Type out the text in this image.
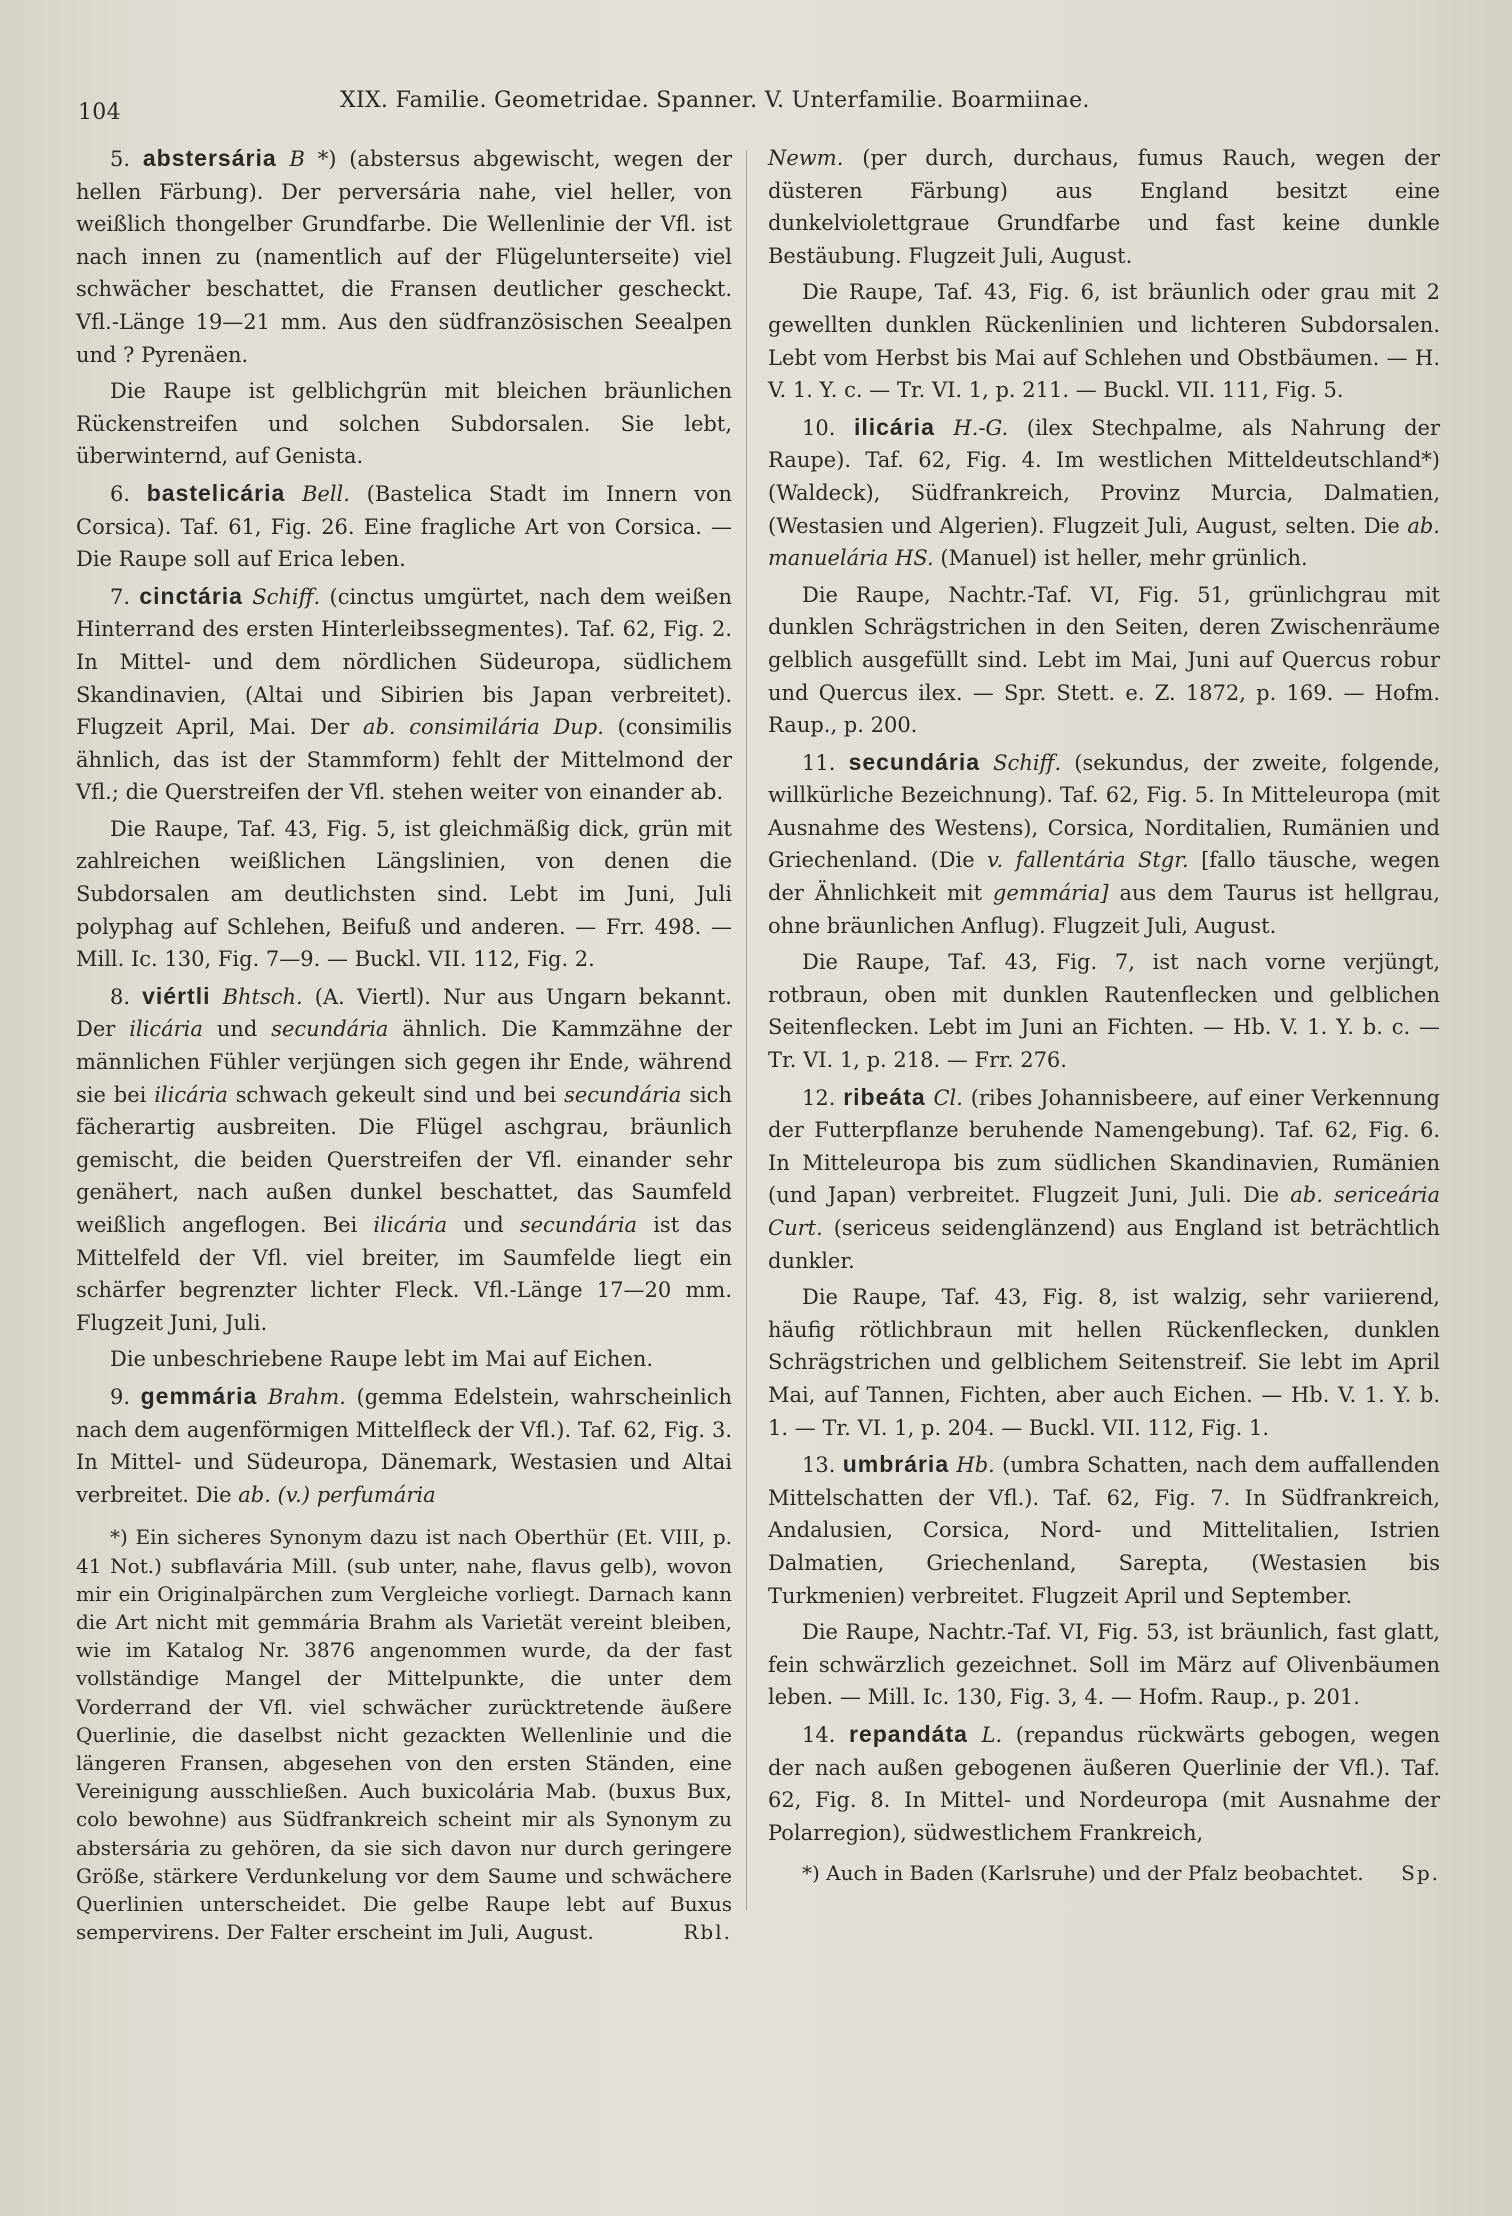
104	XIX. Familie. Geometridae. Spanner. V. Unterfamilie. Boarmiinae.

5. abstersária B *) (abstersus abgewischt, wegen der hellen Färbung). Der perversária nahe, viel heller, von weißlich thongelber Grundfarbe. Die Wellenlinie der Vfl. ist nach innen zu (namentlich auf der Flügelunterseite) viel schwächer beschattet, die Fransen deutlicher gescheckt. Vfl.-Länge 19—21 mm. Aus den südfranzösischen Seealpen und ? Pyrenäen.

Die Raupe ist gelblichgrün mit bleichen bräunlichen Rückenstreifen und solchen Subdorsalen. Sie lebt, überwinternd, auf Genista.

6. bastelicária Bell. (Bastelica Stadt im Innern von Corsica). Taf. 61, Fig. 26. Eine fragliche Art von Corsica. — Die Raupe soll auf Erica leben.

7. cinctária Schiff. (cinctus umgürtet, nach dem weißen Hinterrand des ersten Hinterleibssegmentes). Taf. 62, Fig. 2. In Mittel- und dem nördlichen Südeuropa, südlichem Skandinavien, (Altai und Sibirien bis Japan verbreitet). Flugzeit April, Mai. Der ab. consimilária Dup. (consimilis ähnlich, das ist der Stammform) fehlt der Mittelmond der Vfl.; die Querstreifen der Vfl. stehen weiter von einander ab.

Die Raupe, Taf. 43, Fig. 5, ist gleichmäßig dick, grün mit zahlreichen weißlichen Längslinien, von denen die Subdorsalen am deutlichsten sind. Lebt im Juni, Juli polyphag auf Schlehen, Beifuß und anderen. — Frr. 498. — Mill. Ic. 130, Fig. 7—9. — Buckl. VII. 112, Fig. 2.

8. viértli Bhtsch. (A. Viertl). Nur aus Ungarn bekannt. Der ilicária und secundária ähnlich. Die Kammzähne der männlichen Fühler verjüngen sich gegen ihr Ende, während sie bei ilicária schwach gekeult sind und bei secundária sich fächerartig ausbreiten. Die Flügel aschgrau, bräunlich gemischt, die beiden Querstreifen der Vfl. einander sehr genähert, nach außen dunkel beschattet, das Saumfeld weißlich angeflogen. Bei ilicária und secundária ist das Mittelfeld der Vfl. viel breiter, im Saumfelde liegt ein schärfer begrenzter lichter Fleck. Vfl.-Länge 17—20 mm. Flugzeit Juni, Juli.

Die unbeschriebene Raupe lebt im Mai auf Eichen.

9. gemmária Brahm. (gemma Edelstein, wahrscheinlich nach dem augenförmigen Mittelfleck der Vfl.). Taf. 62, Fig. 3. In Mittel- und Südeuropa, Dänemark, Westasien und Altai verbreitet. Die ab. (v.) perfumária

*) Ein sicheres Synonym dazu ist nach Oberthür (Et. VIII, p. 41 Not.) subflavária Mill. (sub unter, nahe, flavus gelb), wovon mir ein Originalpärchen zum Vergleiche vorliegt. Darnach kann die Art nicht mit gemmária Brahm als Varietät vereint bleiben, wie im Katalog Nr. 3876 angenommen wurde, da der fast vollständige Mangel der Mittelpunkte, die unter dem Vorderrand der Vfl. viel schwächer zurücktretende äußere Querlinie, die daselbst nicht gezackten Wellenlinie und die längeren Fransen, abgesehen von den ersten Ständen, eine Vereinigung ausschließen. Auch buxicolária Mab. (buxus Bux, colo bewohne) aus Südfrankreich scheint mir als Synonym zu abstersária zu gehören, da sie sich davon nur durch geringere Größe, stärkere Verdunkelung vor dem Saume und schwächere Querlinien unterscheidet. Die gelbe Raupe lebt auf Buxus sempervirens. Der Falter erscheint im Juli, August.	Rbl.

Newm. (per durch, durchaus, fumus Rauch, wegen der düsteren Färbung) aus England besitzt eine dunkelviolettgraue Grundfarbe und fast keine dunkle Bestäubung. Flugzeit Juli, August.

Die Raupe, Taf. 43, Fig. 6, ist bräunlich oder grau mit 2 gewellten dunklen Rückenlinien und lichteren Subdorsalen. Lebt vom Herbst bis Mai auf Schlehen und Obstbäumen. — H. V. 1. Y. c. — Tr. VI. 1, p. 211. — Buckl. VII. 111, Fig. 5.

10. ilicária H.-G. (ilex Stechpalme, als Nahrung der Raupe). Taf. 62, Fig. 4. Im westlichen Mitteldeutschland*) (Waldeck), Südfrankreich, Provinz Murcia, Dalmatien, (Westasien und Algerien). Flugzeit Juli, August, selten. Die ab. manuelária HS. (Manuel) ist heller, mehr grünlich.

Die Raupe, Nachtr.-Taf. VI, Fig. 51, grünlichgrau mit dunklen Schrägstrichen in den Seiten, deren Zwischenräume gelblich ausgefüllt sind. Lebt im Mai, Juni auf Quercus robur und Quercus ilex. — Spr. Stett. e. Z. 1872, p. 169. — Hofm. Raup., p. 200.

11. secundária Schiff. (sekundus, der zweite, folgende, willkürliche Bezeichnung). Taf. 62, Fig. 5. In Mitteleuropa (mit Ausnahme des Westens), Corsica, Norditalien, Rumänien und Griechenland. (Die v. fallentária Stgr. [fallo täusche, wegen der Ähnlichkeit mit gemmária] aus dem Taurus ist hellgrau, ohne bräunlichen Anflug). Flugzeit Juli, August.

Die Raupe, Taf. 43, Fig. 7, ist nach vorne verjüngt, rotbraun, oben mit dunklen Rautenflecken und gelblichen Seitenflecken. Lebt im Juni an Fichten. — Hb. V. 1. Y. b. c. — Tr. VI. 1, p. 218. — Frr. 276.

12. ribeáta Cl. (ribes Johannisbeere, auf einer Verkennung der Futterpflanze beruhende Namengebung). Taf. 62, Fig. 6. In Mitteleuropa bis zum südlichen Skandinavien, Rumänien (und Japan) verbreitet. Flugzeit Juni, Juli. Die ab. sericeária Curt. (sericeus seidenglänzend) aus England ist beträchtlich dunkler.

Die Raupe, Taf. 43, Fig. 8, ist walzig, sehr variierend, häufig rötlichbraun mit hellen Rückenflecken, dunklen Schrägstrichen und gelblichem Seitenstreif. Sie lebt im April Mai, auf Tannen, Fichten, aber auch Eichen. — Hb. V. 1. Y. b. 1. — Tr. VI. 1, p. 204. — Buckl. VII. 112, Fig. 1.

13. umbrária Hb. (umbra Schatten, nach dem auffallenden Mittelschatten der Vfl.). Taf. 62, Fig. 7. In Südfrankreich, Andalusien, Corsica, Nord- und Mittelitalien, Istrien Dalmatien, Griechenland, Sarepta, (Westasien bis Turkmenien) verbreitet. Flugzeit April und September.

Die Raupe, Nachtr.-Taf. VI, Fig. 53, ist bräunlich, fast glatt, fein schwärzlich gezeichnet. Soll im März auf Olivenbäumen leben. — Mill. Ic. 130, Fig. 3, 4. — Hofm. Raup., p. 201.

14. repandáta L. (repandus rückwärts gebogen, wegen der nach außen gebogenen äußeren Querlinie der Vfl.). Taf. 62, Fig. 8. In Mittel- und Nordeuropa (mit Ausnahme der Polarregion), südwestlichem Frankreich,

*) Auch in Baden (Karlsruhe) und der Pfalz beobachtet.	Sp.
